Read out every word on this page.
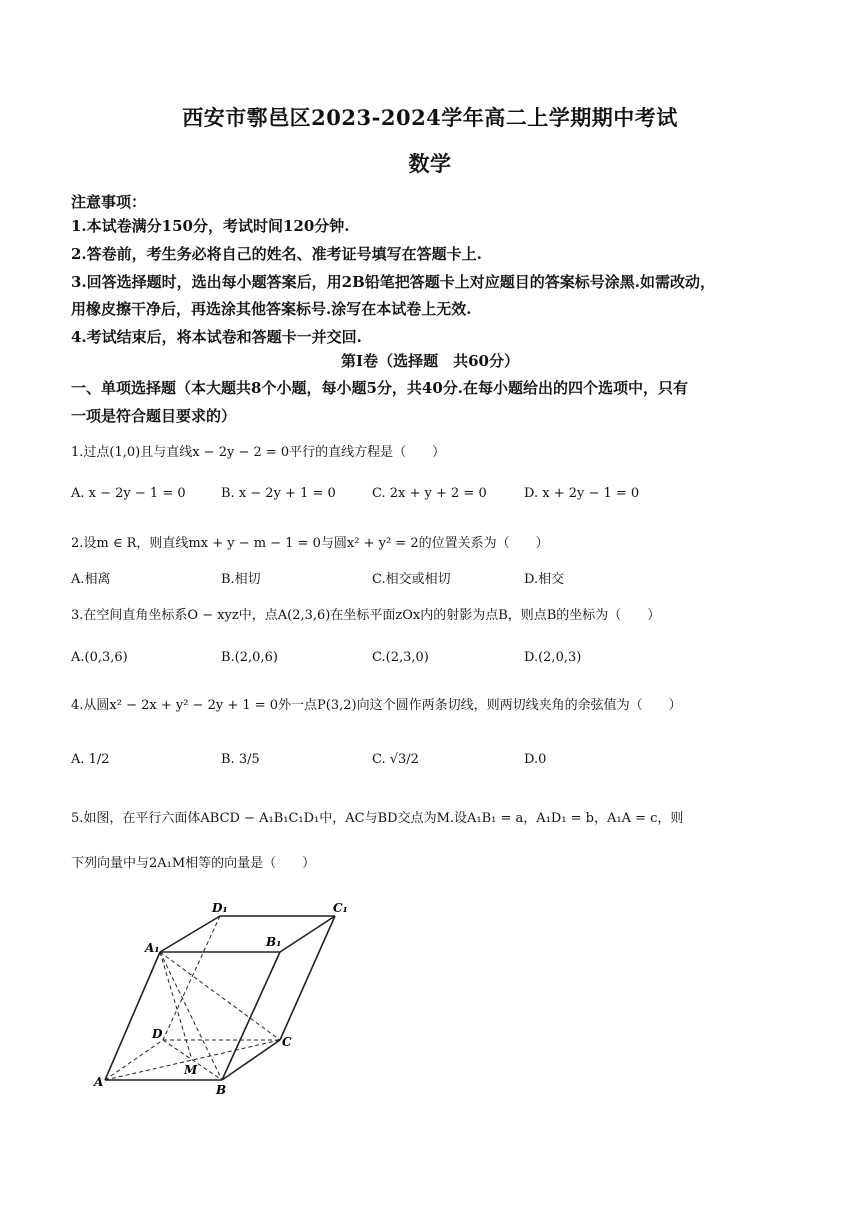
西安市鄠邑区2023-2024学年高二上学期期中考试
数学
注意事项：
1.本试卷满分150分，考试时间120分钟.
2.答卷前，考生务必将自己的姓名、准考证号填写在答题卡上.
3.回答选择题时，选出每小题答案后，用2B铅笔把答题卡上对应题目的答案标号涂黑.如需改动，
用橡皮擦干净后，再选涂其他答案标号.涂写在本试卷上无效.
4.考试结束后，将本试卷和答题卡一并交回.
第Ⅰ卷（选择题　共60分）
一、单项选择题（本大题共8个小题，每小题5分，共40分.在每小题给出的四个选项中，只有
一项是符合题目要求的）
1.过点(1,0)且与直线x − 2y − 2 = 0平行的直线方程是（　　）
A. x − 2y − 1 = 0	B. x − 2y + 1 = 0	C. 2x + y + 2 = 0	D. x + 2y − 1 = 0
2.设m ∈ R，则直线mx + y − m − 1 = 0与圆x² + y² = 2的位置关系为（　　）
A.相离	B.相切	C.相交或相切	D.相交
3.在空间直角坐标系O − xyz中，点A(2,3,6)在坐标平面zOx内的射影为点B，则点B的坐标为（　　）
A.(0,3,6)	B.(2,0,6)	C.(2,3,0)	D.(2,0,3)
4.从圆x² − 2x + y² − 2y + 1 = 0外一点P(3,2)向这个圆作两条切线，则两切线夹角的余弦值为（　　）
A. 1/2	B. 3/5	C. √3/2	D.0
5.如图，在平行六面体ABCD − A₁B₁C₁D₁中，AC与BD交点为M.设A₁B₁ = a，A₁D₁ = b，A₁A = c，则
下列向量中与2A₁M相等的向量是（　　）
D₁	C₁
A₁	B₁
D
C
M
A
B
